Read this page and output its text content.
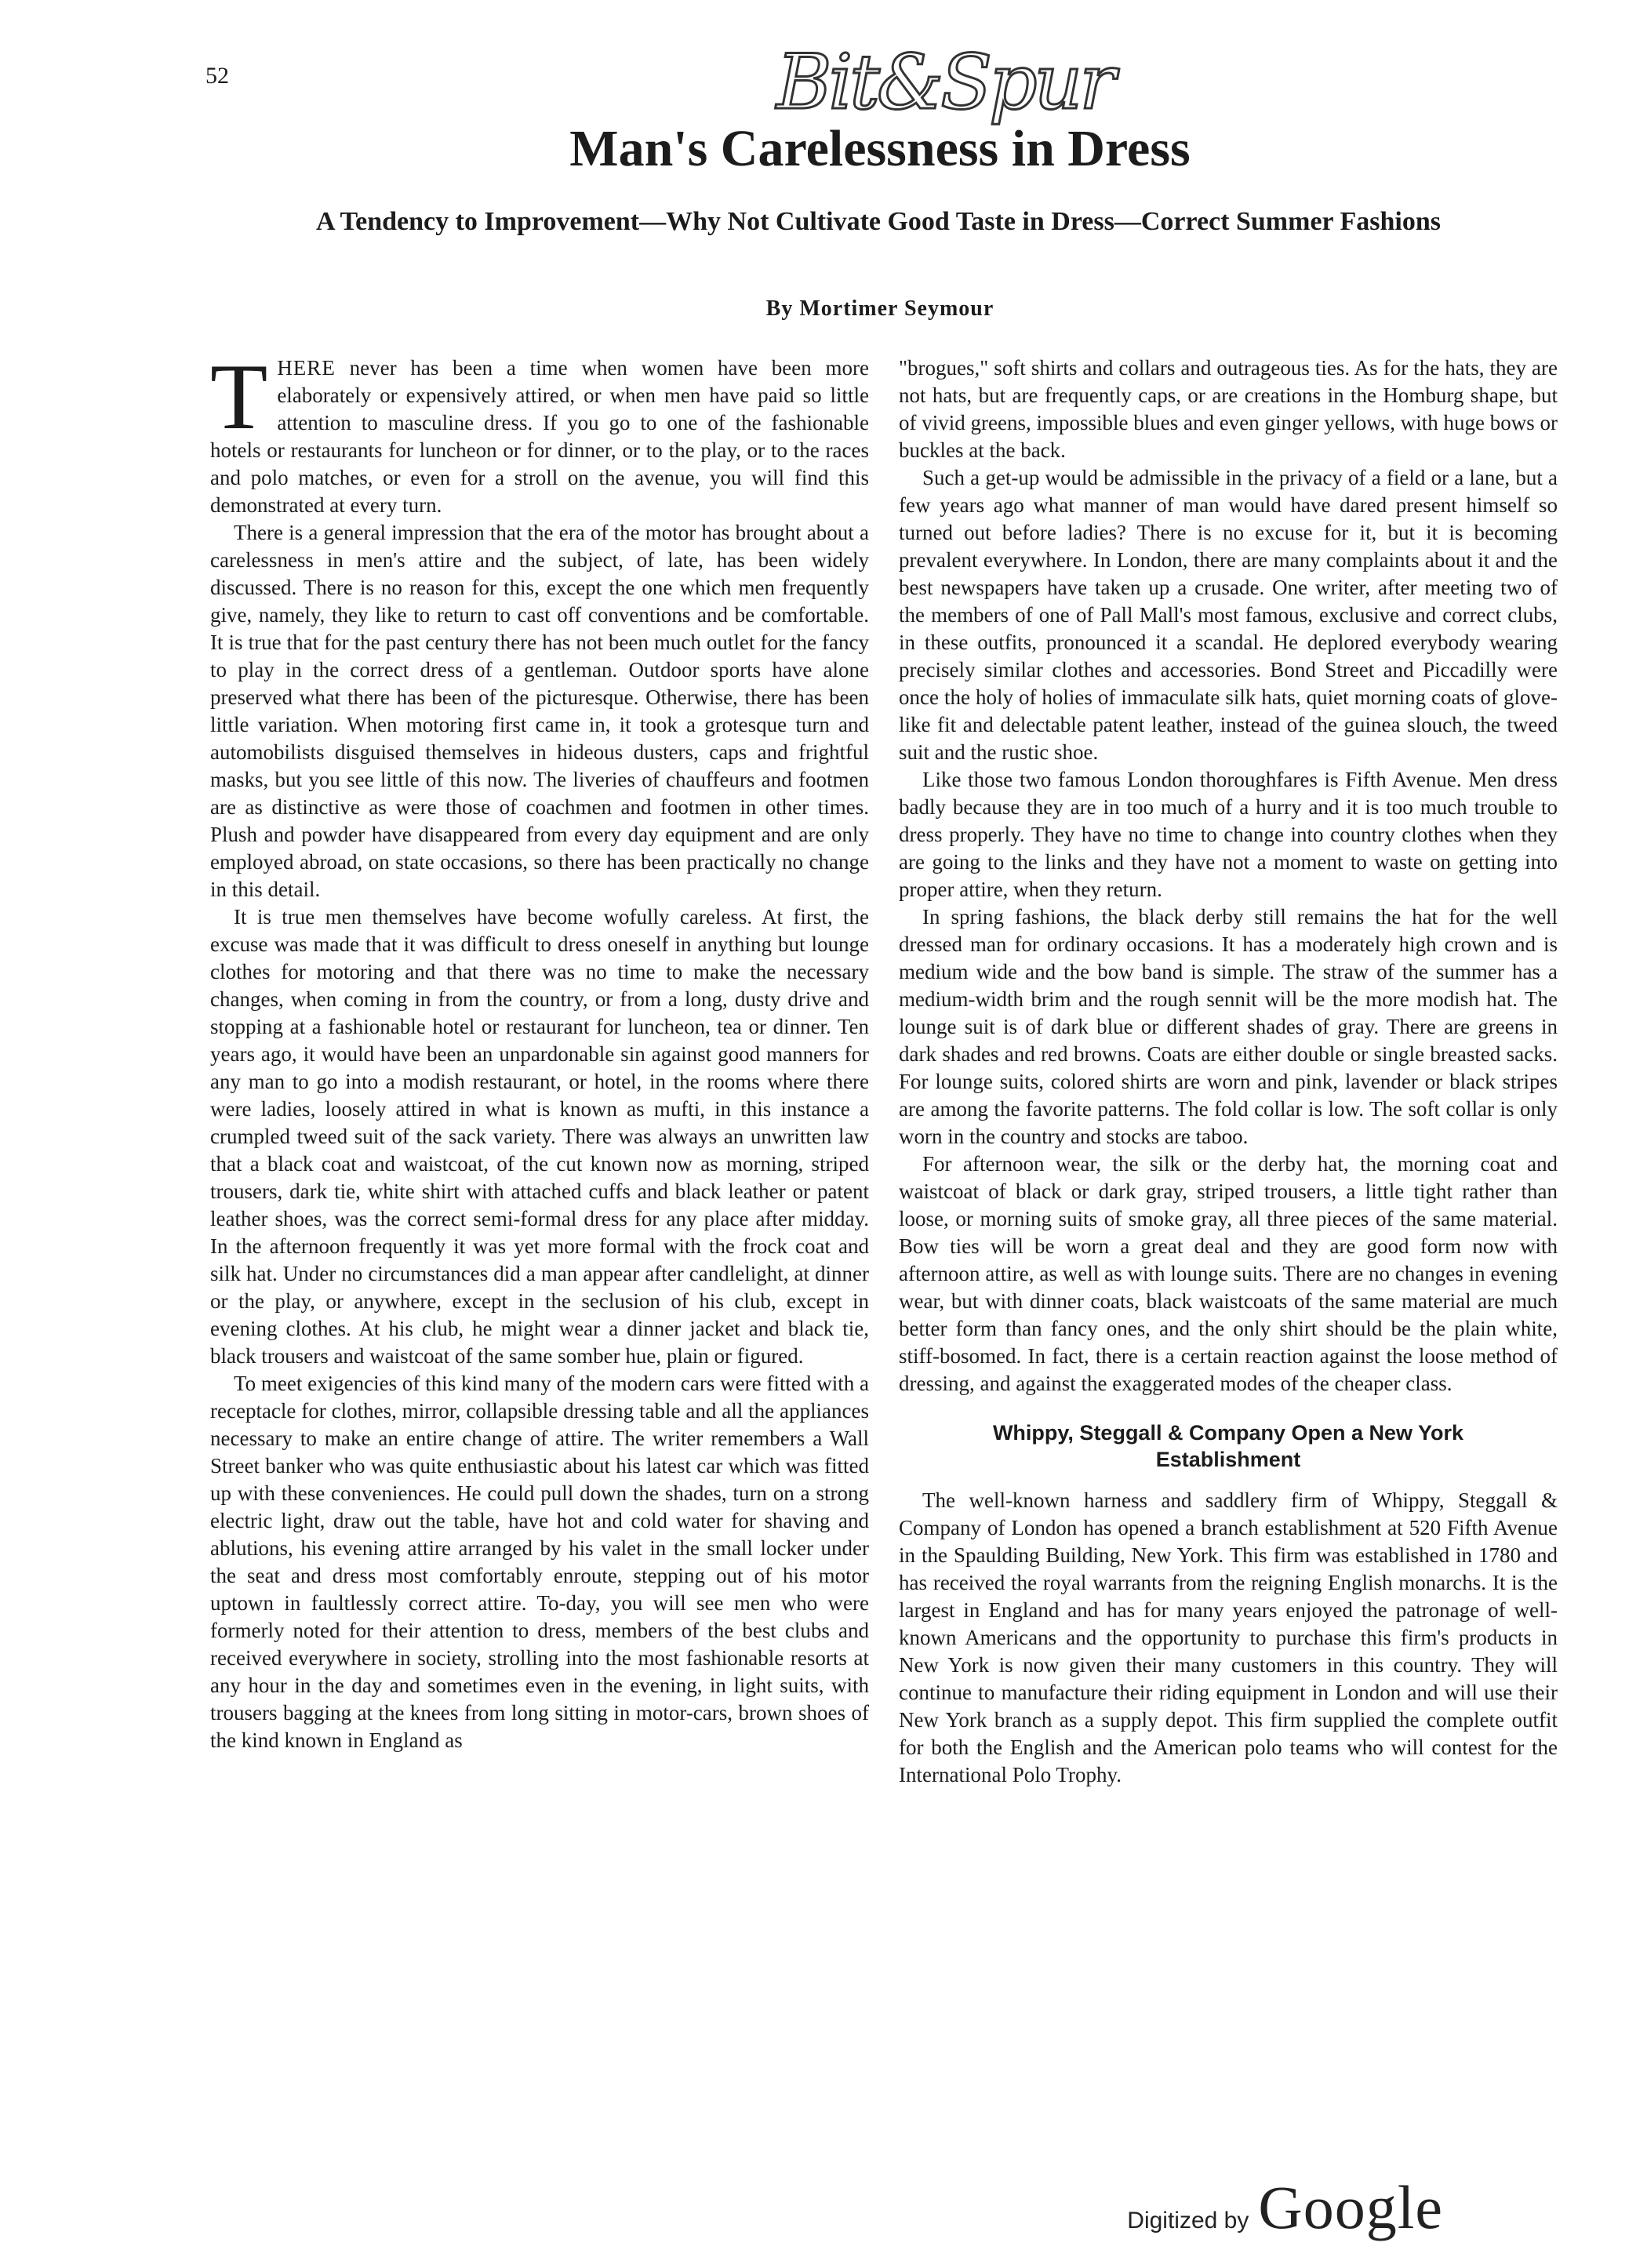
52	Bit&Spur
Man's Carelessness in Dress
A Tendency to Improvement—Why Not Cultivate Good Taste in Dress—Correct Summer Fashions
By Mortimer Seymour

THERE never has been a time when women have been more elaborately or expensively attired, or when men have paid so little attention to masculine dress. If you go to one of the fashionable hotels or restaurants for luncheon or for dinner, or to the play, or to the races and polo matches, or even for a stroll on the avenue, you will find this demonstrated at every turn.

There is a general impression that the era of the motor has brought about a carelessness in men's attire and the subject, of late, has been widely discussed. There is no reason for this, except the one which men frequently give, namely, they like to return to cast off conventions and be comfortable. It is true that for the past century there has not been much outlet for the fancy to play in the correct dress of a gentleman. Outdoor sports have alone preserved what there has been of the picturesque. Otherwise, there has been little variation. When motoring first came in, it took a grotesque turn and automobilists disguised themselves in hideous dusters, caps and frightful masks, but you see little of this now. The liveries of chauffeurs and footmen are as distinctive as were those of coachmen and footmen in other times. Plush and powder have disappeared from every day equipment and are only employed abroad, on state occasions, so there has been practically no change in this detail.

It is true men themselves have become wofully careless. At first, the excuse was made that it was difficult to dress oneself in anything but lounge clothes for motoring and that there was no time to make the necessary changes, when coming in from the country, or from a long, dusty drive and stopping at a fashionable hotel or restaurant for luncheon, tea or dinner. Ten years ago, it would have been an unpardonable sin against good manners for any man to go into a modish restaurant, or hotel, in the rooms where there were ladies, loosely attired in what is known as mufti, in this instance a crumpled tweed suit of the sack variety. There was always an unwritten law that a black coat and waistcoat, of the cut known now as morning, striped trousers, dark tie, white shirt with attached cuffs and black leather or patent leather shoes, was the correct semi-formal dress for any place after midday. In the afternoon frequently it was yet more formal with the frock coat and silk hat. Under no circumstances did a man appear after candlelight, at dinner or the play, or anywhere, except in the seclusion of his club, except in evening clothes. At his club, he might wear a dinner jacket and black tie, black trousers and waistcoat of the same somber hue, plain or figured.

To meet exigencies of this kind many of the modern cars were fitted with a receptacle for clothes, mirror, collapsible dressing table and all the appliances necessary to make an entire change of attire. The writer remembers a Wall Street banker who was quite enthusiastic about his latest car which was fitted up with these conveniences. He could pull down the shades, turn on a strong electric light, draw out the table, have hot and cold water for shaving and ablutions, his evening attire arranged by his valet in the small locker under the seat and dress most comfortably enroute, stepping out of his motor uptown in faultlessly correct attire. To-day, you will see men who were formerly noted for their attention to dress, members of the best clubs and received everywhere in society, strolling into the most fashionable resorts at any hour in the day and sometimes even in the evening, in light suits, with trousers bagging at the knees from long sitting in motor-cars, brown shoes of the kind known in England as

"brogues," soft shirts and collars and outrageous ties. As for the hats, they are not hats, but are frequently caps, or are creations in the Homburg shape, but of vivid greens, impossible blues and even ginger yellows, with huge bows or buckles at the back.

Such a get-up would be admissible in the privacy of a field or a lane, but a few years ago what manner of man would have dared present himself so turned out before ladies? There is no excuse for it, but it is becoming prevalent everywhere. In London, there are many complaints about it and the best newspapers have taken up a crusade. One writer, after meeting two of the members of one of Pall Mall's most famous, exclusive and correct clubs, in these outfits, pronounced it a scandal. He deplored everybody wearing precisely similar clothes and accessories. Bond Street and Piccadilly were once the holy of holies of immaculate silk hats, quiet morning coats of glove-like fit and delectable patent leather, instead of the guinea slouch, the tweed suit and the rustic shoe.

Like those two famous London thoroughfares is Fifth Avenue. Men dress badly because they are in too much of a hurry and it is too much trouble to dress properly. They have no time to change into country clothes when they are going to the links and they have not a moment to waste on getting into proper attire, when they return.

In spring fashions, the black derby still remains the hat for the well dressed man for ordinary occasions. It has a moderately high crown and is medium wide and the bow band is simple. The straw of the summer has a medium-width brim and the rough sennit will be the more modish hat. The lounge suit is of dark blue or different shades of gray. There are greens in dark shades and red browns. Coats are either double or single breasted sacks. For lounge suits, colored shirts are worn and pink, lavender or black stripes are among the favorite patterns. The fold collar is low. The soft collar is only worn in the country and stocks are taboo.

For afternoon wear, the silk or the derby hat, the morning coat and waistcoat of black or dark gray, striped trousers, a little tight rather than loose, or morning suits of smoke gray, all three pieces of the same material. Bow ties will be worn a great deal and they are good form now with afternoon attire, as well as with lounge suits. There are no changes in evening wear, but with dinner coats, black waistcoats of the same material are much better form than fancy ones, and the only shirt should be the plain white, stiff-bosomed. In fact, there is a certain reaction against the loose method of dressing, and against the exaggerated modes of the cheaper class.

Whippy, Steggall & Company Open a New York Establishment

The well-known harness and saddlery firm of Whippy, Steggall & Company of London has opened a branch establishment at 520 Fifth Avenue in the Spaulding Building, New York. This firm was established in 1780 and has received the royal warrants from the reigning English monarchs. It is the largest in England and has for many years enjoyed the patronage of well-known Americans and the opportunity to purchase this firm's products in New York is now given their many customers in this country. They will continue to manufacture their riding equipment in London and will use their New York branch as a supply depot. This firm supplied the complete outfit for both the English and the American polo teams who will contest for the International Polo Trophy.

Digitized by Google
